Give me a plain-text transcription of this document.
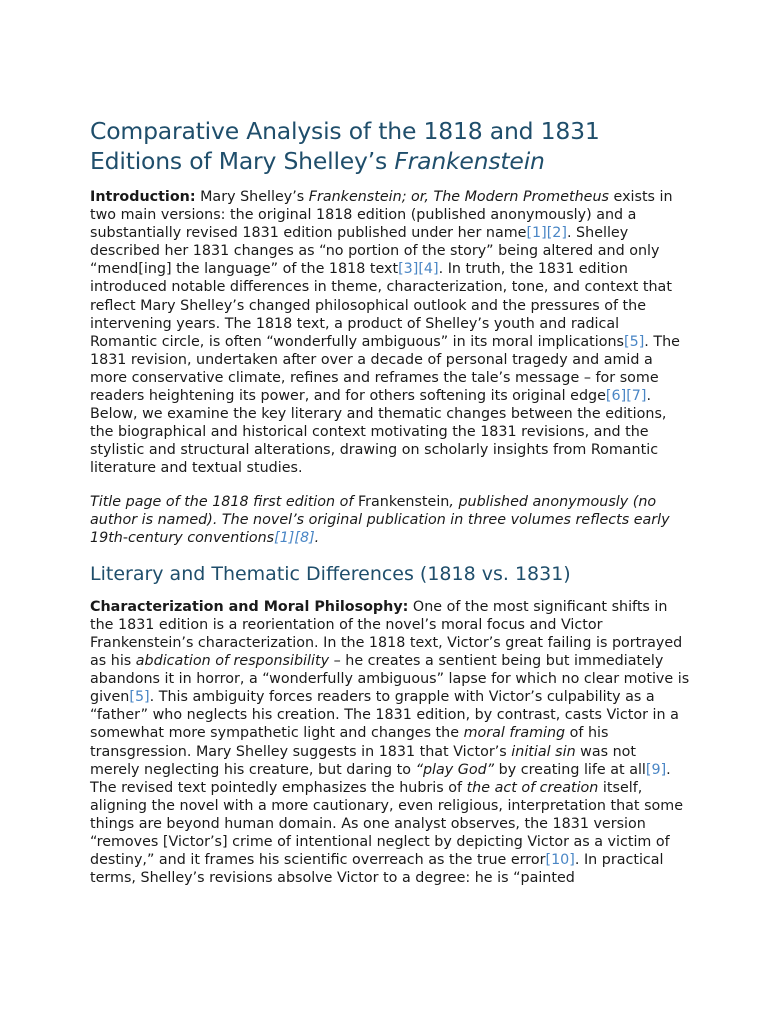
Comparative Analysis of the 1818 and 1831 Editions of Mary Shelley’s Frankenstein

Introduction: Mary Shelley’s Frankenstein; or, The Modern Prometheus exists in two main versions: the original 1818 edition (published anonymously) and a substantially revised 1831 edition published under her name[1][2]. Shelley described her 1831 changes as “no portion of the story” being altered and only “mend[ing] the language” of the 1818 text[3][4]. In truth, the 1831 edition introduced notable differences in theme, characterization, tone, and context that reflect Mary Shelley’s changed philosophical outlook and the pressures of the intervening years. The 1818 text, a product of Shelley’s youth and radical Romantic circle, is often “wonderfully ambiguous” in its moral implications[5]. The 1831 revision, undertaken after over a decade of personal tragedy and amid a more conservative climate, refines and reframes the tale’s message – for some readers heightening its power, and for others softening its original edge[6][7]. Below, we examine the key literary and thematic changes between the editions, the biographical and historical context motivating the 1831 revisions, and the stylistic and structural alterations, drawing on scholarly insights from Romantic literature and textual studies.

Title page of the 1818 first edition of Frankenstein, published anonymously (no author is named). The novel’s original publication in three volumes reflects early 19th-century conventions[1][8].

Literary and Thematic Differences (1818 vs. 1831)

Characterization and Moral Philosophy: One of the most significant shifts in the 1831 edition is a reorientation of the novel’s moral focus and Victor Frankenstein’s characterization. In the 1818 text, Victor’s great failing is portrayed as his abdication of responsibility – he creates a sentient being but immediately abandons it in horror, a “wonderfully ambiguous” lapse for which no clear motive is given[5]. This ambiguity forces readers to grapple with Victor’s culpability as a “father” who neglects his creation. The 1831 edition, by contrast, casts Victor in a somewhat more sympathetic light and changes the moral framing of his transgression. Mary Shelley suggests in 1831 that Victor’s initial sin was not merely neglecting his creature, but daring to “play God” by creating life at all[9]. The revised text pointedly emphasizes the hubris of the act of creation itself, aligning the novel with a more cautionary, even religious, interpretation that some things are beyond human domain. As one analyst observes, the 1831 version “removes [Victor’s] crime of intentional neglect by depicting Victor as a victim of destiny,” and it frames his scientific overreach as the true error[10]. In practical terms, Shelley’s revisions absolve Victor to a degree: he is “painted
